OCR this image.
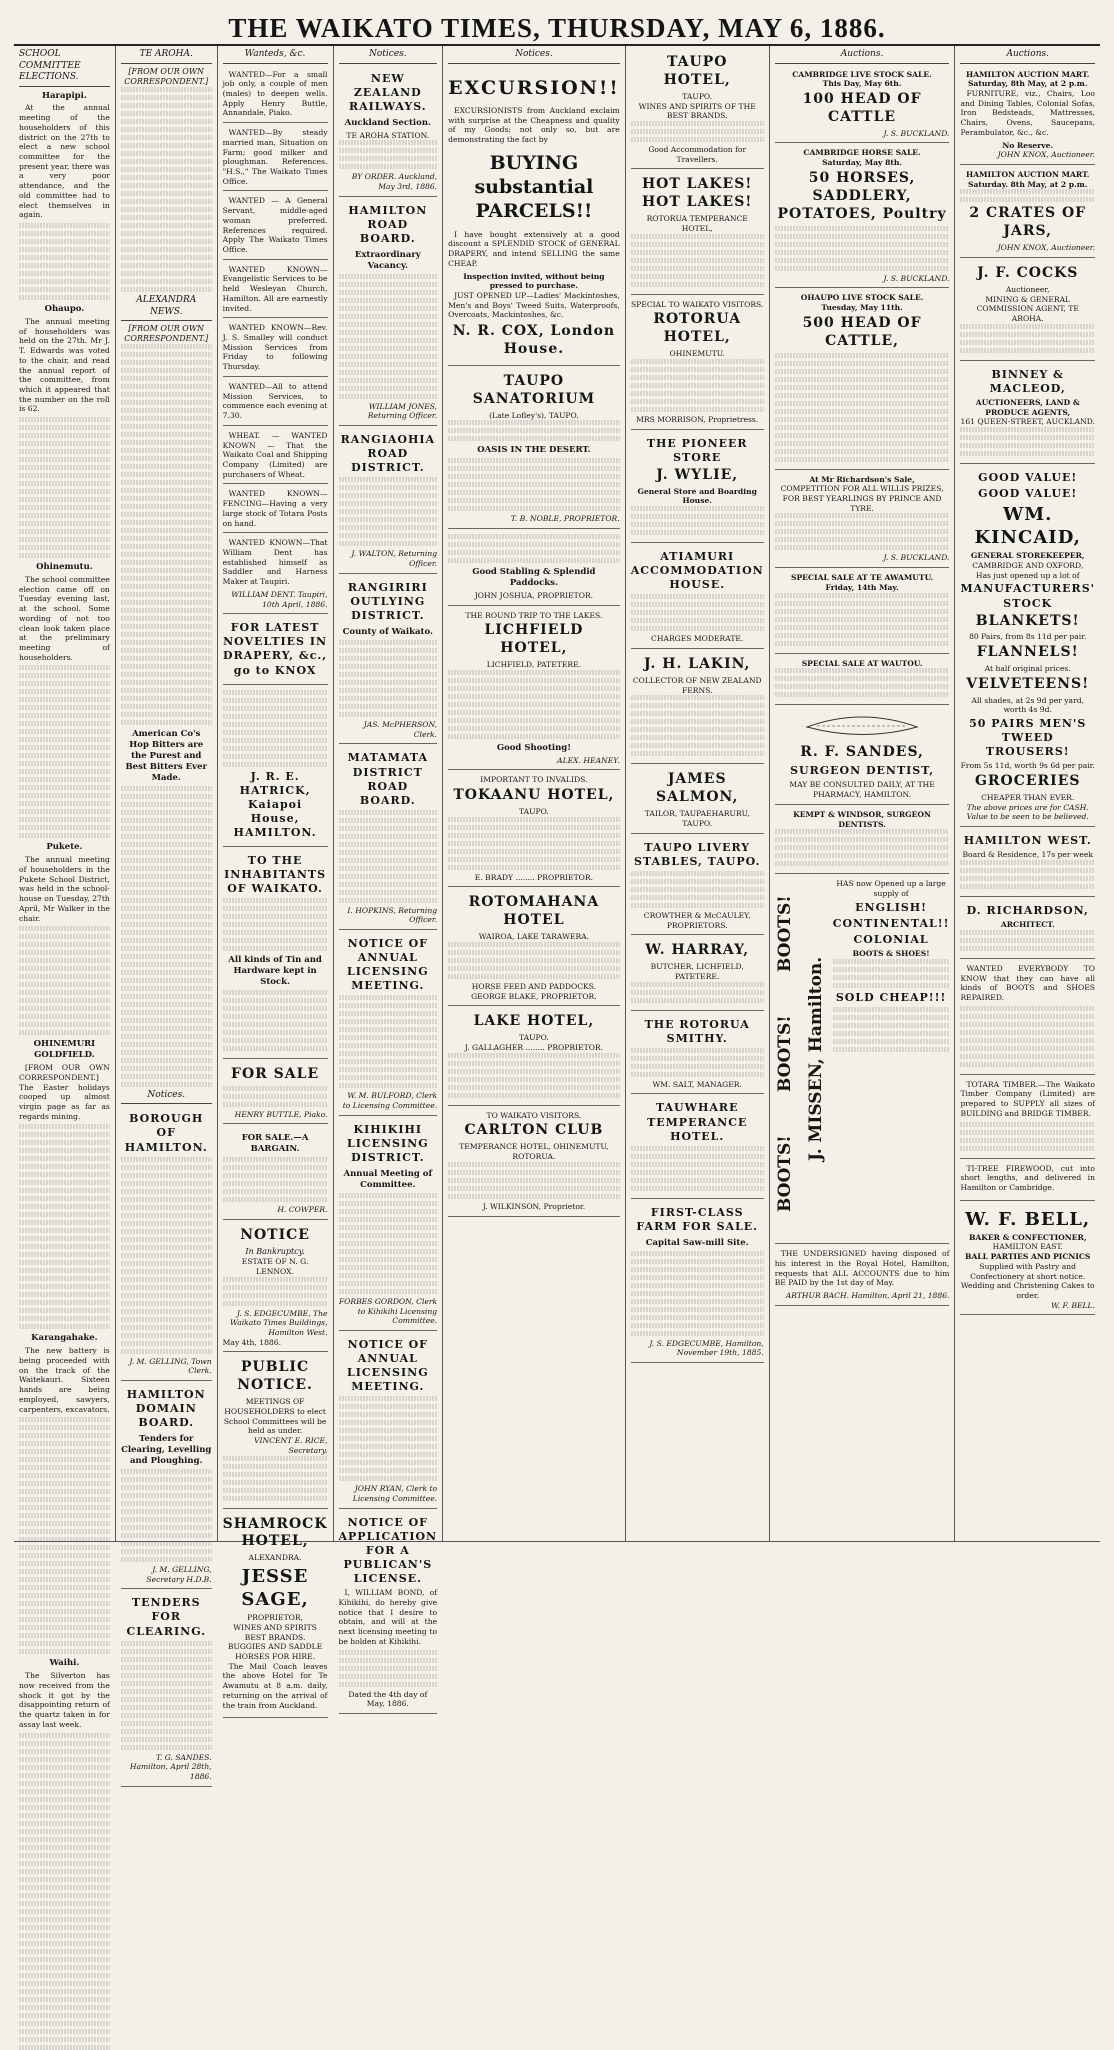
THE WAIKATO TIMES, THURSDAY, MAY 6, 1886.
SCHOOL COMMITTEE ELECTIONS.
Harapipi.

At the annual meeting of the householders of this district on the 27th to elect a new school committee for the present year, there was a very poor attendance, and the old committee had to elect themselves in again.

Ohaupo.

The annual meeting of householders was held on the 27th. Mr J. T. Edwards was voted to the chair, and read the annual report of the committee, from which it appeared that the number on the roll is 62.

Ohinemutu.

The school committee election came off on Tuesday evening last, at the school. Some wording of not too clean look taken place at the preliminary meeting of householders.

Pukete.

The annual meeting of householders in the Pukete School District, was held in the school-house on Tuesday, 27th April, Mr Walker in the chair.

OHINEMURI GOLDFIELD.

[FROM OUR OWN CORRESPONDENT.] The Easter holidays cooped up almost virgin page as far as regards mining.

Karangahake.

The new battery is being proceeded with on the track of the Waitekauri. Sixteen hands are being employed, sawyers, carpenters, excavators.

Waihi.

The Silverton has now received from the shock it got by the disappointing return of the quartz taken in for assay last week.

TE AROHA.
[FROM OUR OWN CORRESPONDENT.]
ALEXANDRA NEWS.
[FROM OUR OWN CORRESPONDENT.]
American Co's Hop Bitters are the Purest and Best Bitters Ever Made.
Notices.
BOROUGH OF HAMILTON.
J. M. GELLING, Town Clerk.
HAMILTON DOMAIN BOARD.
Tenders for Clearing, Levelling and Ploughing.
J. M. GELLING, Secretary H.D.B.
TENDERS FOR CLEARING.
T. G. SANDES. Hamilton, April 28th, 1886.
Wanteds, &c.

WANTED—For a small job only, a couple of men (males) to deepen wells. Apply Henry Buttle, Annandale, Piako.

WANTED—By steady married man, Situation on Farm; good milker and ploughman. References. "H.S.," The Waikato Times Office.

WANTED — A General Servant, middle-aged woman preferred. References required. Apply The Waikato Times Office.

WANTED KNOWN—Evangelistic Services to be held Wesleyan Church, Hamilton. All are earnestly invited.

WANTED KNOWN—Rev. J. S. Smalley will conduct Mission Services from Friday to following Thursday.

WANTED—All to attend Mission Services, to commence each evening at 7.30.

WHEAT. — WANTED KNOWN — That the Waikato Coal and Shipping Company (Limited) are purchasers of Wheat.

WANTED KNOWN—FENCING—Having a very large stock of Totara Posts on hand.

WANTED KNOWN—That William Dent has established himself as Saddler and Harness Maker at Taupiri.

WILLIAM DENT. Taupiri, 10th April, 1886.
FOR LATEST NOVELTIES IN DRAPERY, &c., go to KNOX
J. R. E. HATRICK, Kaiapoi House, HAMILTON.
TO THE INHABITANTS OF WAIKATO.
All kinds of Tin and Hardware kept in Stock.
FOR SALE
HENRY BUTTLE, Piako.
FOR SALE.—A BARGAIN.
H. COWPER.
NOTICE
In Bankruptcy.
ESTATE OF N. G. LENNOX.
J. S. EDGECUMBE, The Waikato Times Buildings, Hamilton West.
May 4th, 1886.
PUBLIC NOTICE.
MEETINGS OF HOUSEHOLDERS to elect School Committees will be held as under.
VINCENT E. RICE, Secretary.
SHAMROCK HOTEL,
ALEXANDRA.
JESSE SAGE,
PROPRIETOR,
WINES AND SPIRITS BEST BRANDS.
BUGGIES AND SADDLE HORSES FOR HIRE.

The Mail Coach leaves the above Hotel for Te Awamutu at 8 a.m. daily, returning on the arrival of the train from Auckland.

Notices.
NEW ZEALAND RAILWAYS.
Auckland Section.
TE AROHA STATION.
BY ORDER. Auckland, May 3rd, 1886.
HAMILTON ROAD BOARD.
Extraordinary Vacancy.
WILLIAM JONES, Returning Officer.
RANGIAOHIA ROAD DISTRICT.
J. WALTON, Returning Officer.
RANGIRIRI OUTLYING DISTRICT.
County of Waikato.
JAS. McPHERSON, Clerk.
MATAMATA DISTRICT ROAD BOARD.
I. HOPKINS, Returning Officer.
NOTICE OF ANNUAL LICENSING MEETING.
W. M. BULFORD, Clerk to Licensing Committee.
KIHIKIHI LICENSING DISTRICT.
Annual Meeting of Committee.
FORBES GORDON, Clerk to Kihikihi Licensing Committee.
NOTICE OF ANNUAL LICENSING MEETING.
JOHN RYAN, Clerk to Licensing Committee.
NOTICE OF APPLICATION FOR A PUBLICAN'S LICENSE.

I, WILLIAM BOND, of Kihikihi, do hereby give notice that I desire to obtain, and will at the next licensing meeting to be holden at Kihikihi.

Dated the 4th day of May, 1886.
Notices.
EXCURSION!!

EXCURSIONISTS from Auckland exclaim with surprise at the Cheapness and quality of my Goods; not only so, but are demonstrating the fact by

BUYING substantial PARCELS!!

I have bought extensively at a good discount a SPLENDID STOCK of GENERAL DRAPERY, and intend SELLING the same CHEAP.

Inspection invited, without being pressed to purchase.

JUST OPENED UP—Ladies' Mackintoshes, Men's and Boys' Tweed Suits, Waterproofs, Overcoats, Mackintoshes, &c.

N. R. COX, London House.
TAUPO SANATORIUM
(Late Lofley's), TAUPO.
OASIS IN THE DESERT.
T. B. NOBLE, PROPRIETOR.
Good Stabling & Splendid Paddocks.
JOHN JOSHUA, PROPRIETOR.
THE ROUND TRIP TO THE LAKES.
LICHFIELD HOTEL,
LICHFIELD, PATETERE.
Good Shooting!
ALEX. HEANEY.
IMPORTANT TO INVALIDS.
TOKAANU HOTEL,
TAUPO.
E. BRADY ........ PROPRIETOR.
ROTOMAHANA HOTEL
WAIROA, LAKE TARAWERA.
HORSE FEED AND PADDOCKS.
GEORGE BLAKE, PROPRIETOR.
LAKE HOTEL,
TAUPO.
J. GALLAGHER ........ PROPRIETOR.
TO WAIKATO VISITORS.
CARLTON CLUB
TEMPERANCE HOTEL, OHINEMUTU, ROTORUA.
J. WILKINSON, Proprietor.
TAUPO HOTEL,
TAUPO.
WINES AND SPIRITS OF THE BEST BRANDS.
Good Accommodation for Travellers.
HOT LAKES! HOT LAKES!
ROTORUA TEMPERANCE HOTEL,
SPECIAL TO WAIKATO VISITORS.
ROTORUA HOTEL,
OHINEMUTU.
MRS MORRISON, Proprietress.
THE PIONEER STORE
J. WYLIE,
General Store and Boarding House.
ATIAMURI ACCOMMODATION HOUSE.
CHARGES MODERATE.
J. H. LAKIN,
COLLECTOR OF NEW ZEALAND FERNS.
JAMES SALMON,
TAILOR, TAUPAEHARURU, TAUPO.
TAUPO LIVERY STABLES, TAUPO.
CROWTHER & McCAULEY, PROPRIETORS.
W. HARRAY,
BUTCHER, LICHFIELD, PATETERE.
THE ROTORUA SMITHY.
WM. SALT, MANAGER.
TAUWHARE TEMPERANCE HOTEL.
FIRST-CLASS FARM FOR SALE.
Capital Saw-mill Site.
J. S. EDGECUMBE, Hamilton, November 19th, 1885.
Auctions.
CAMBRIDGE LIVE STOCK SALE.
This Day, May 6th.
100 HEAD OF CATTLE
J. S. BUCKLAND.
CAMBRIDGE HORSE SALE.
Saturday, May 8th.
50 HORSES, SADDLERY, POTATOES, Poultry
J. S. BUCKLAND.
OHAUPO LIVE STOCK SALE.
Tuesday, May 11th.
500 HEAD OF CATTLE,
At Mr Richardson's Sale,
COMPETITION FOR ALL WILLIS PRIZES, FOR BEST YEARLINGS BY PRINCE AND TYRE.
J. S. BUCKLAND.
SPECIAL SALE AT TE AWAMUTU.
Friday, 14th May.
SPECIAL SALE AT WAUTOU.
R. F. SANDES,
SURGEON DENTIST,
MAY BE CONSULTED DAILY, AT THE PHARMACY, HAMILTON.
KEMPT & WINDSOR, SURGEON DENTISTS.
BOOTS!
BOOTS!
BOOTS!
J. MISSEN, Hamilton.
HAS now Opened up a large supply of
ENGLISH!
CONTINENTAL!!
COLONIAL
BOOTS & SHOES!
SOLD CHEAP!!!

THE UNDERSIGNED having disposed of his interest in the Royal Hotel, Hamilton, requests that ALL ACCOUNTS due to him BE PAID by the 1st day of May.

ARTHUR BACH. Hamilton, April 21, 1886.
Auctions.
HAMILTON AUCTION MART.
Saturday, 8th May, at 2 p.m.

FURNITURE, viz., Chairs, Loo and Dining Tables, Colonial Sofas, Iron Bedsteads, Mattresses, Chairs, Ovens, Saucepans, Perambulator, &c., &c.

No Reserve.
JOHN KNOX, Auctioneer.
HAMILTON AUCTION MART.
Saturday. 8th May, at 2 p.m.
2 CRATES OF JARS,
JOHN KNOX, Auctioneer.
J. F. COCKS
Auctioneer,
MINING & GENERAL COMMISSION AGENT, TE AROHA.
BINNEY & MACLEOD,
AUCTIONEERS, LAND & PRODUCE AGENTS,
161 QUEEN-STREET, AUCKLAND.
GOOD VALUE!
GOOD VALUE!
WM. KINCAID,
GENERAL STOREKEEPER,
CAMBRIDGE AND OXFORD,
Has just opened up a lot of
MANUFACTURERS' STOCK
BLANKETS!
80 Pairs, from 8s 11d per pair.
FLANNELS!
At half original prices.
VELVETEENS!
All shades, at 2s 9d per yard, worth 4s 9d.
50 PAIRS MEN'S TWEED TROUSERS!
From 5s 11d, worth 9s 6d per pair.
GROCERIES
CHEAPER THAN EVER.
The above prices are for CASH. Value to be seen to be believed.
HAMILTON WEST.
Board & Residence, 17s per week
D. RICHARDSON,
ARCHITECT.

WANTED EVERYBODY TO KNOW that they can have all kinds of BOOTS and SHOES REPAIRED.

TOTARA TIMBER.—The Waikato Timber Company (Limited) are prepared to SUPPLY all sizes of BUILDING and BRIDGE TIMBER.

TI-TREE FIREWOOD, cut into short lengths, and delivered in Hamilton or Cambridge.

W. F. BELL,
BAKER & CONFECTIONER,
HAMILTON EAST.
BALL PARTIES AND PICNICS
Supplied with Pastry and Confectionery at short notice.
Wedding and Christening Cakes to order.
W. F. BELL.
